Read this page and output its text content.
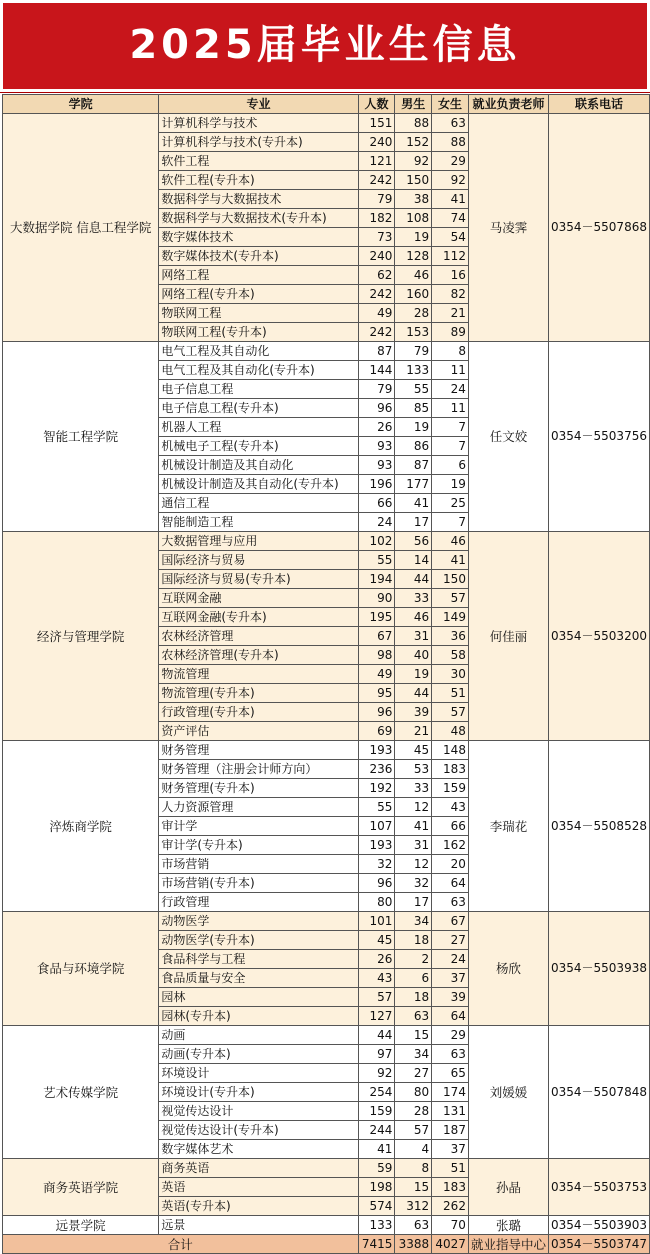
2025届毕业生信息
学院	专业	人数	男生	女生	就业负责老师	联系电话
大数据学院 信息工程学院	计算机科学与技术	151	88	63	马凌霁	0354－5507868
	计算机科学与技术(专升本)	240	152	88		
	软件工程	121	92	29		
	软件工程(专升本)	242	150	92		
	数据科学与大数据技术	79	38	41		
	数据科学与大数据技术(专升本)	182	108	74		
	数字媒体技术	73	19	54		
	数字媒体技术(专升本)	240	128	112		
	网络工程	62	46	16		
	网络工程(专升本)	242	160	82		
	物联网工程	49	28	21		
	物联网工程(专升本)	242	153	89		
智能工程学院	电气工程及其自动化	87	79	8	任文姣	0354－5503756
	电气工程及其自动化(专升本)	144	133	11		
	电子信息工程	79	55	24		
	电子信息工程(专升本)	96	85	11		
	机器人工程	26	19	7		
	机械电子工程(专升本)	93	86	7		
	机械设计制造及其自动化	93	87	6		
	机械设计制造及其自动化(专升本)	196	177	19		
	通信工程	66	41	25		
	智能制造工程	24	17	7		
经济与管理学院	大数据管理与应用	102	56	46	何佳丽	0354－5503200
	国际经济与贸易	55	14	41		
	国际经济与贸易(专升本)	194	44	150		
	互联网金融	90	33	57		
	互联网金融(专升本)	195	46	149		
	农林经济管理	67	31	36		
	农林经济管理(专升本)	98	40	58		
	物流管理	49	19	30		
	物流管理(专升本)	95	44	51		
	行政管理(专升本)	96	39	57		
	资产评估	69	21	48		
淬炼商学院	财务管理	193	45	148	李瑞花	0354－5508528
	财务管理（注册会计师方向）	236	53	183		
	财务管理(专升本)	192	33	159		
	人力资源管理	55	12	43		
	审计学	107	41	66		
	审计学(专升本)	193	31	162		
	市场营销	32	12	20		
	市场营销(专升本)	96	32	64		
	行政管理	80	17	63		
食品与环境学院	动物医学	101	34	67	杨欣	0354－5503938
	动物医学(专升本)	45	18	27		
	食品科学与工程	26	2	24		
	食品质量与安全	43	6	37		
	园林	57	18	39		
	园林(专升本)	127	63	64		
艺术传媒学院	动画	44	15	29	刘媛媛	0354－5507848
	动画(专升本)	97	34	63		
	环境设计	92	27	65		
	环境设计(专升本)	254	80	174		
	视觉传达设计	159	28	131		
	视觉传达设计(专升本)	244	57	187		
	数字媒体艺术	41	4	37		
商务英语学院	商务英语	59	8	51	孙晶	0354－5503753
	英语	198	15	183		
	英语(专升本)	574	312	262		
远景学院	远景	133	63	70	张璐	0354－5503903
合计		7415	3388	4027	就业指导中心	0354－5503747
